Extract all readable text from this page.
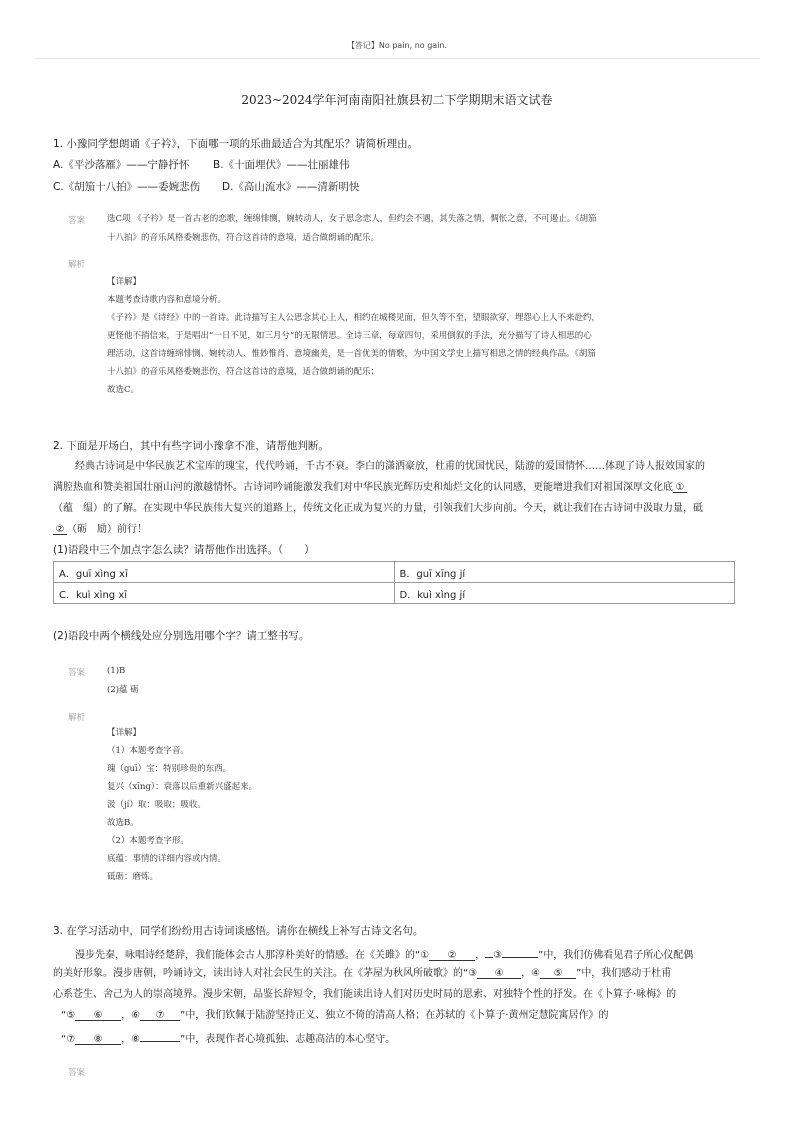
【答记】No pain, no gain.
2023~2024学年河南南阳社旗县初二下学期期末语文试卷
1. 小豫同学想朗诵《子衿》，下面哪一项的乐曲最适合为其配乐？请简析理由。
A.《平沙落雁》——宁静抒怀 B.《十面埋伏》——壮丽雄伟
C.《胡笳十八拍》——委婉悲伤 D.《高山流水》——清新明快
答案	选C项 《子衿》是一首古老的恋歌，缠绵悱恻，婉转动人，女子思念恋人，但约会不遇，其失落之情，惆怅之意，不可遏止。《胡笳
十八拍》的音乐风格委婉悲伤，符合这首诗的意境，适合做朗诵的配乐。
解析
【详解】
本题考查诗歌内容和意境分析。
《子衿》是《诗经》中的一首诗。此诗描写主人公思念其心上人，相约在城楼见面，但久等不至，望眼欲穿，埋怨心上人不来赴约，
更怪他不捎信来，于是唱出“一日不见，如三月兮”的无限情思。全诗三章，每章四句，采用倒叙的手法，充分描写了诗人相思的心
理活动，这首诗缠绵悱恻、婉转动人、惟妙惟肖、意境幽美，是一首优美的情歌，为中国文学史上描写相思之情的经典作品。《胡笳
十八拍》的音乐风格委婉悲伤，符合这首诗的意境，适合做朗诵的配乐；
故选C。
2. 下面是开场白，其中有些字词小豫拿不准，请帮他判断。
经典古诗词是中华民族艺术宝库的瑰宝，代代吟诵，千古不衰。李白的潇洒豪放，杜甫的忧国忧民，陆游的爱国情怀……体现了诗人报效国家的
满腔热血和赞美祖国壮丽山河的激越情怀。古诗词吟诵能激发我们对中华民族光辉历史和灿烂文化的认同感，更能增进我们对祖国深厚文化底 ①
（蕴　缊）的了解。在实现中华民族伟大复兴的道路上，传统文化正成为复兴的力量，引领我们大步向前。今天，就让我们在古诗词中汲取力量，砥
② （砺　励）前行！
(1)语段中三个加点字怎么读？请帮他作出选择。（　　）
A．guī xìng xī	B．guī xīng jí
C．kuì xìng xī	D．kuì xìng jí
(2)语段中两个横线处应分别选用哪个字？请工整书写。
答案	(1)B
(2)蕴 砺
解析
【详解】
（1）本题考查字音。
瑰（guī）宝：特别珍贵的东西。
复兴（xīng）：衰落以后重新兴盛起来。
汲（jí）取：吸取；吸收。
故选B。
（2）本题考查字形。
底蕴：事情的详细内容或内情。
砥砺：磨炼。
3. 在学习活动中，同学们纷纷用古诗词谈感悟。请你在横线上补写古诗文名句。
漫步先秦，咏唱诗经楚辞，我们能体会古人那淳朴美好的情感。在《关雎》的“① ② ， ③	”中，我们仿佛看见君子所心仪配偶
的美好形象。漫步唐朝，吟诵诗文，读出诗人对社会民生的关注。在《茅屋为秋风所破歌》的“③ ④ ，④ ⑤ ”中，我们感动于杜甫
心系苍生、舍己为人的崇高境界。漫步宋朝，品鉴长辞短令，我们能读出诗人们对历史时局的思索、对独特个性的抒发。在《卜算子·咏梅》的
“⑤ ⑥ ，⑥ ⑦ ”中，我们钦佩于陆游坚持正义、独立不倚的清高人格；在苏轼的《卜算子·黄州定慧院寓居作》的
“⑦ ⑧ ，⑧	”中，表现作者心境孤独、志趣高洁的本心坚守。
答案
